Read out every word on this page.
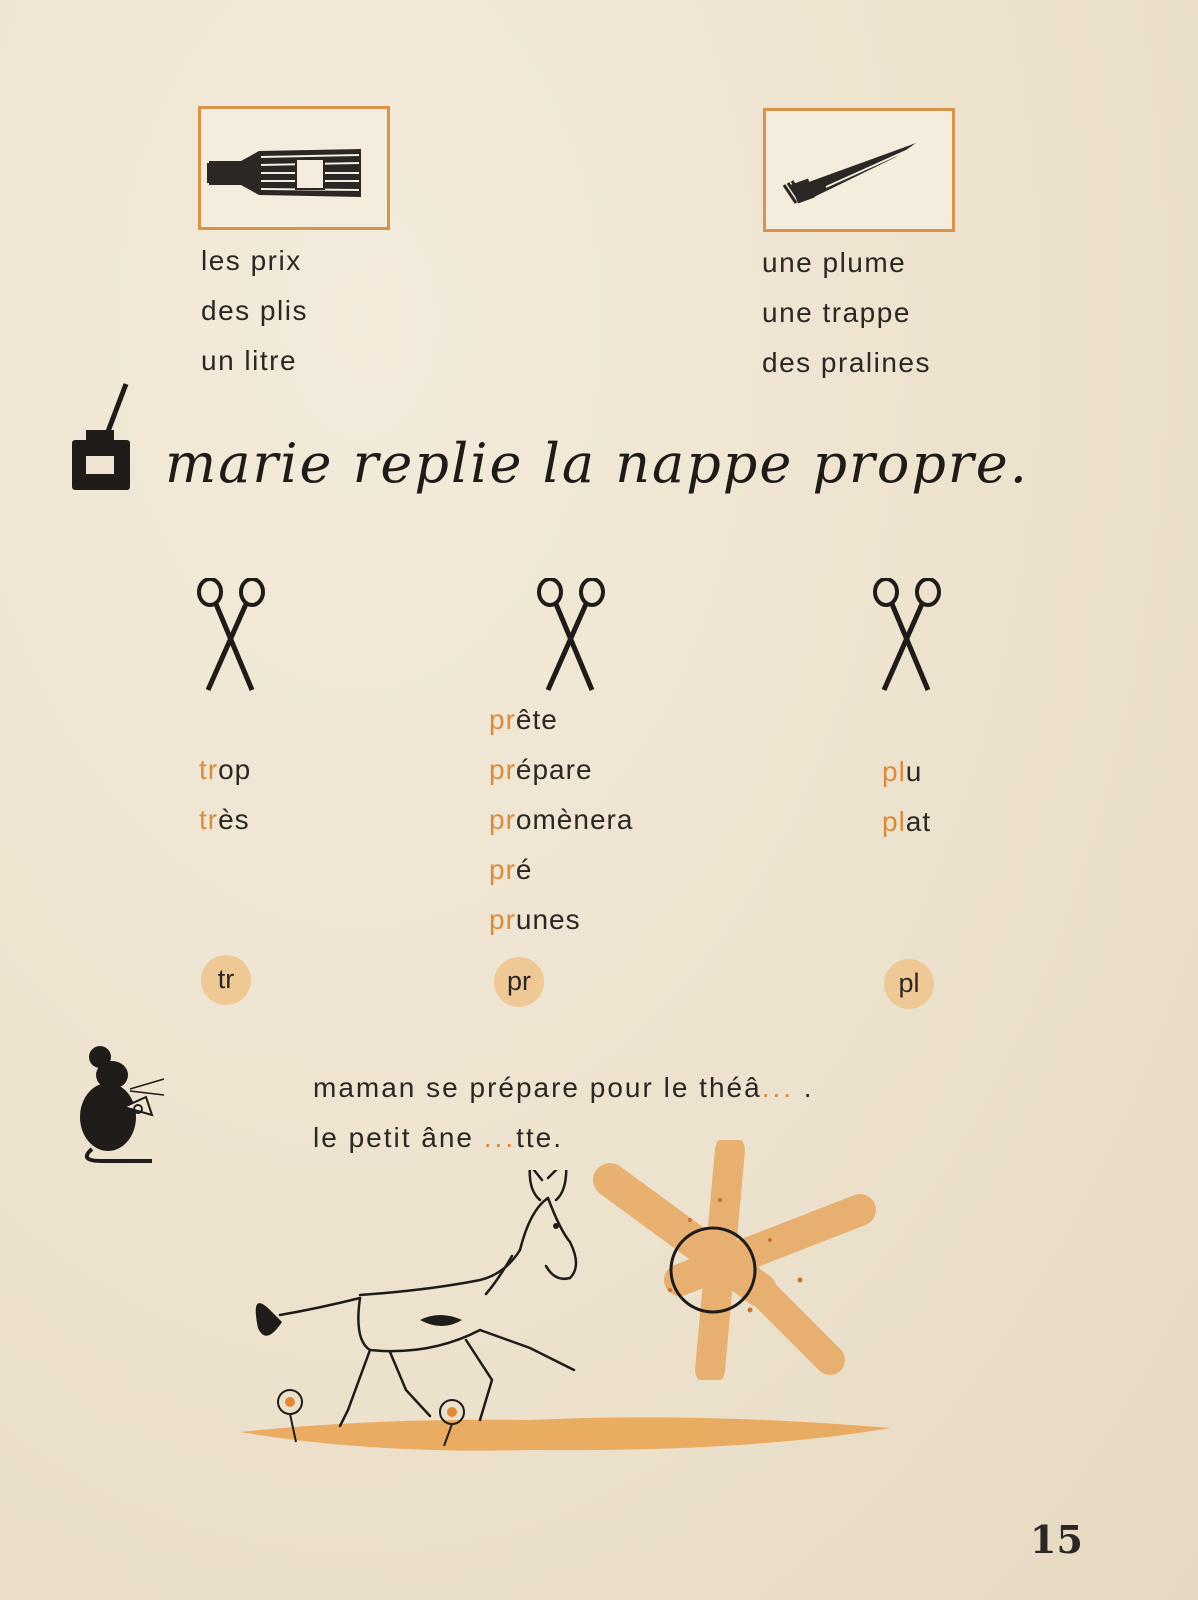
les prix
des plis
un litre
une plume
une trappe
des pralines
marie replie la nappe propre.
trop
très
prête
prépare
promènera
pré
prunes
plu
plat
tr	pr	pl
maman se prépare pour le théâ... .
le petit âne ...tte.
15
